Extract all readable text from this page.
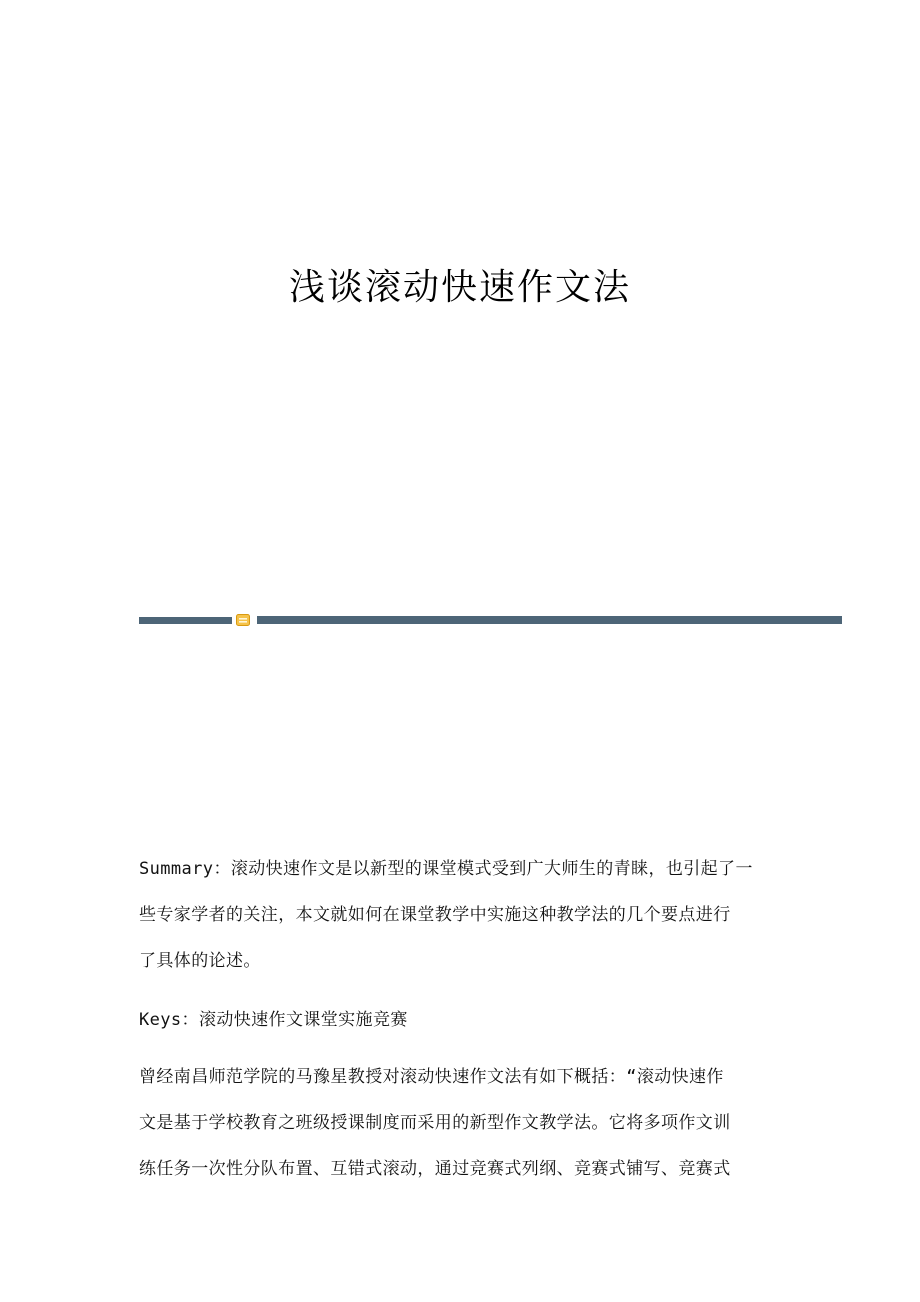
浅谈滚动快速作文法

Summary：滚动快速作文是以新型的课堂模式受到广大师生的青睐，也引起了一

些专家学者的关注，本文就如何在课堂教学中实施这种教学法的几个要点进行

了具体的论述。

Keys：滚动快速作文课堂实施竞赛

曾经南昌师范学院的马豫星教授对滚动快速作文法有如下概括：“滚动快速作

文是基于学校教育之班级授课制度而采用的新型作文教学法。它将多项作文训

练任务一次性分队布置、互错式滚动，通过竞赛式列纲、竞赛式铺写、竞赛式
